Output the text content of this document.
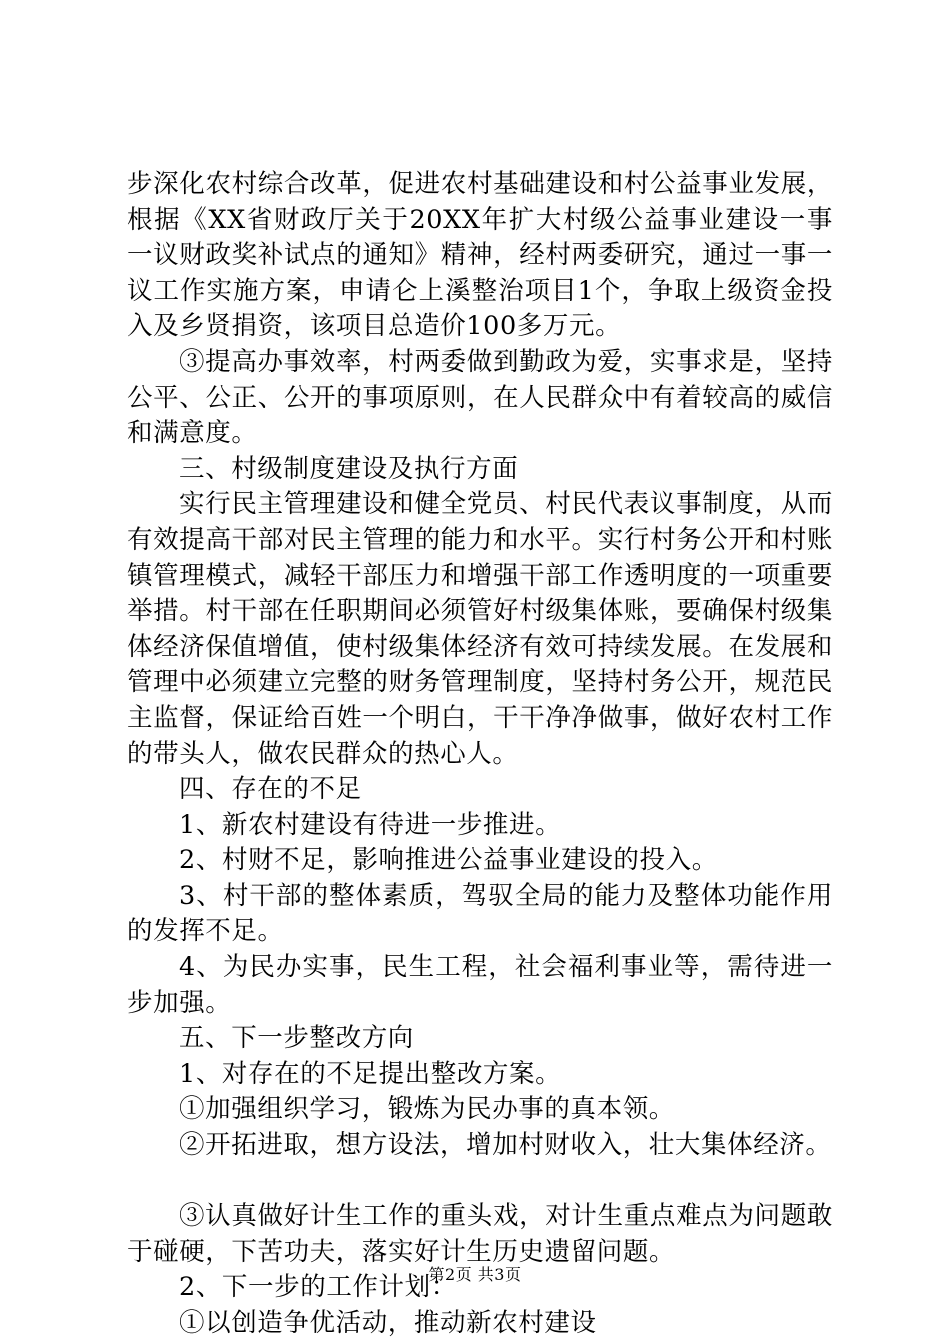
步深化农村综合改革，促进农村基础建设和村公益事业发展，根据《XX省财政厅关于20XX年扩大村级公益事业建设一事一议财政奖补试点的通知》精神，经村两委研究，通过一事一议工作实施方案，申请仑上溪整治项目1个，争取上级资金投入及乡贤捐资，该项目总造价100多万元。

③提高办事效率，村两委做到勤政为爱，实事求是，坚持公平、公正、公开的事项原则，在人民群众中有着较高的威信和满意度。

三、村级制度建设及执行方面

实行民主管理建设和健全党员、村民代表议事制度，从而有效提高干部对民主管理的能力和水平。实行村务公开和村账镇管理模式，减轻干部压力和增强干部工作透明度的一项重要举措。村干部在任职期间必须管好村级集体账，要确保村级集体经济保值增值，使村级集体经济有效可持续发展。在发展和管理中必须建立完整的财务管理制度，坚持村务公开，规范民主监督，保证给百姓一个明白，干干净净做事，做好农村工作的带头人，做农民群众的热心人。

四、存在的不足

1、新农村建设有待进一步推进。

2、村财不足，影响推进公益事业建设的投入。

3、村干部的整体素质，驾驭全局的能力及整体功能作用的发挥不足。

4、为民办实事，民生工程，社会福利事业等，需待进一步加强。

五、下一步整改方向

1、对存在的不足提出整改方案。

①加强组织学习，锻炼为民办事的真本领。

②开拓进取，想方设法，增加村财收入，壮大集体经济。

③认真做好计生工作的重头戏，对计生重点难点为问题敢于碰硬，下苦功夫，落实好计生历史遗留问题。

2、下一步的工作计划：

①以创造争优活动，推动新农村建设

第2页 共3页
